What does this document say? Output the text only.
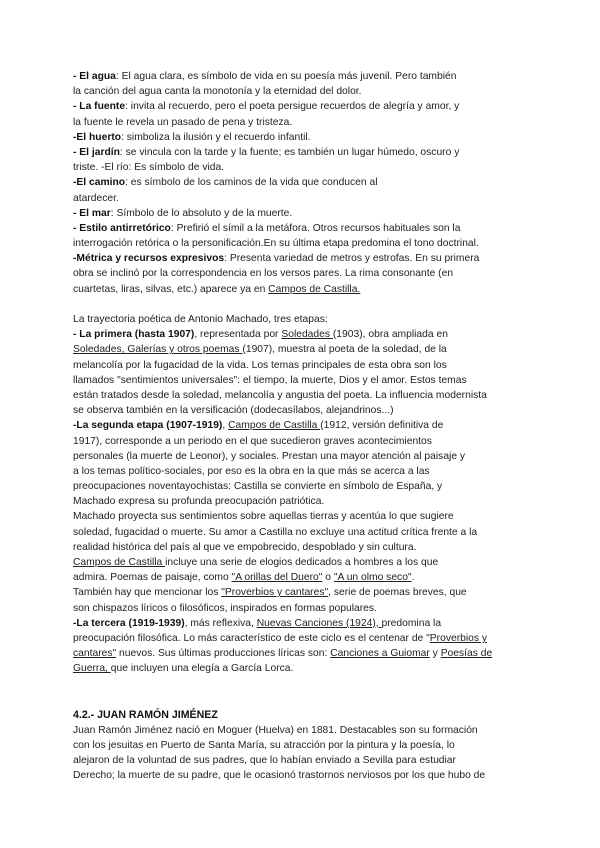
- El agua: El agua clara, es símbolo de vida en su poesía más juvenil. Pero también
la canción del agua canta la monotonía y la eternidad del dolor.
- La fuente: invita al recuerdo, pero el poeta persigue recuerdos de alegría y amor, y
la fuente le revela un pasado de pena y tristeza.
-El huerto: simboliza la ilusión y el recuerdo infantil.
- El jardín: se vincula con la tarde y la fuente; es también un lugar húmedo, oscuro y
triste. -El río: Es símbolo de vida.
-El camino: es símbolo de los caminos de la vida que conducen al
atardecer.
- El mar: Símbolo de lo absoluto y de la muerte.
- Estilo antirretórico: Prefirió el símil a la metáfora. Otros recursos habituales son la
interrogación retórica o la personificación.En su última etapa predomina el tono doctrinal.
-Métrica y recursos expresivos: Presenta variedad de metros y estrofas. En su primera
obra se inclinó por la correspondencia en los versos pares. La rima consonante (en
cuartetas, liras, silvas, etc.) aparece ya en Campos de Castilla.
La trayectoria poética de Antonio Machado, tres etapas:
- La primera (hasta 1907), representada por Soledades (1903), obra ampliada en
Soledades, Galerías y otros poemas (1907), muestra al poeta de la soledad, de la
melancolía por la fugacidad de la vida. Los temas principales de esta obra son los
llamados "sentimientos universales": el tiempo, la muerte, Dios y el amor. Estos temas
están tratados desde la soledad, melancolía y angustia del poeta. La influencia modernista
se observa también en la versificación (dodecasílabos, alejandrinos...)
-La segunda etapa (1907-1919), Campos de Castilla (1912, versión definitiva de
1917), corresponde a un periodo en el que sucedieron graves acontecimientos
personales (la muerte de Leonor), y sociales. Prestan una mayor atención al paisaje y
a los temas político-sociales, por eso es la obra en la que más se acerca a las
preocupaciones noventayochistas: Castilla se convierte en símbolo de España, y
Machado expresa su profunda preocupación patriótica.
Machado proyecta sus sentimientos sobre aquellas tierras y acentúa lo que sugiere
soledad, fugacidad o muerte. Su amor a Castilla no excluye una actitud crítica frente a la
realidad histórica del país al que ve empobrecido, despoblado y sin cultura.
Campos de Castilla incluye una serie de elogios dedicados a hombres a los que
admira. Poemas de paisaje, como "A orillas del Duero" o "A un olmo seco".
También hay que mencionar los "Proverbios y cantares", serie de poemas breves, que
son chispazos líricos o filosóficos, inspirados en formas populares.
-La tercera (1919-1939), más reflexiva, Nuevas Canciones (1924), predomina la
preocupación filosófica. Lo más característico de este ciclo es el centenar de "Proverbios y
cantares" nuevos. Sus últimas producciones líricas son: Canciones a Guiomar y Poesías de
Guerra, que incluyen una elegía a García Lorca.
4.2.- JUAN RAMÓN JIMÉNEZ
Juan Ramón Jiménez nació en Moguer (Huelva) en 1881. Destacables son su formación
con los jesuitas en Puerto de Santa María, su atracción por la pintura y la poesía, lo
alejaron de la voluntad de sus padres, que lo habían enviado a Sevilla para estudiar
Derecho; la muerte de su padre, que le ocasionó trastornos nerviosos por los que hubo de
